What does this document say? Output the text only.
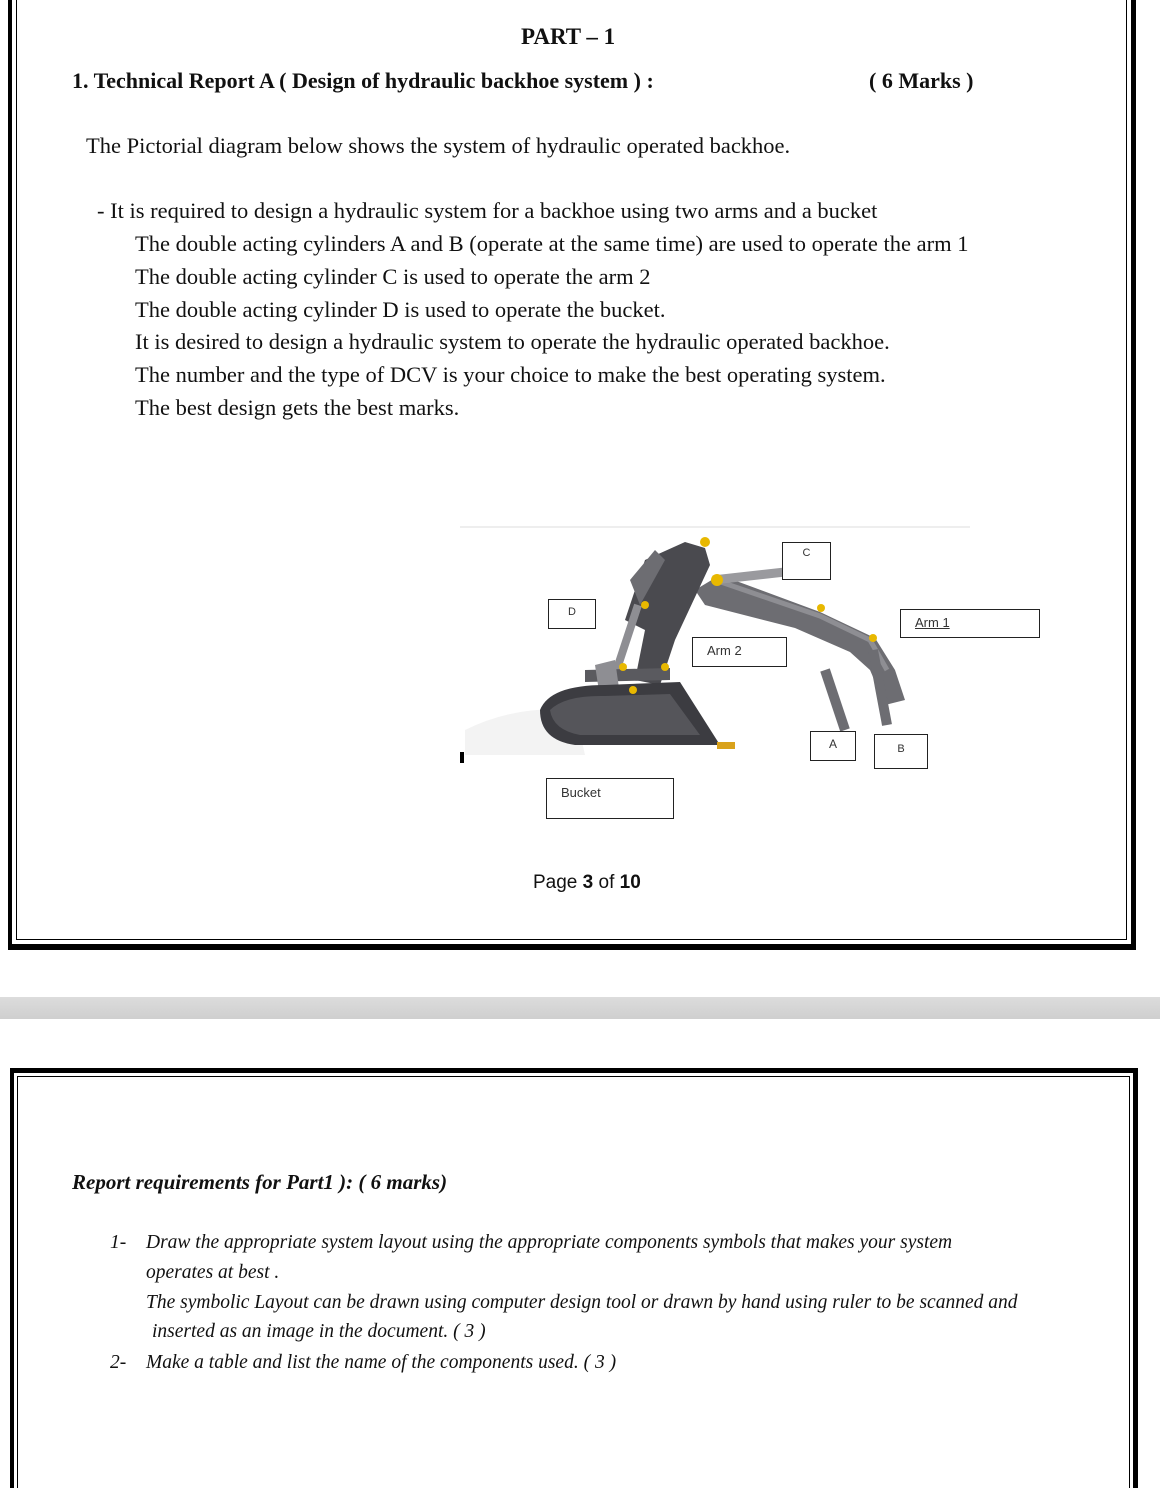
PART – 1
1. Technical Report A ( Design of hydraulic backhoe system ) :	( 6 Marks )
The Pictorial diagram below shows the system of hydraulic operated backhoe.
- It is required to design a hydraulic system for a backhoe using two arms and a bucket
The double acting cylinders A and B (operate at the same time) are used to operate the arm 1
The double acting cylinder C is used to operate the arm 2
The double acting cylinder D is used to operate the bucket.
It is desired to design a hydraulic system to operate the hydraulic operated backhoe.
The number and the type of DCV is your choice to make the best operating system.
The best design gets the best marks.
C
D
Arm 1
Arm 2
A	B
Bucket
Page 3 of 10
Report requirements for Part1 ): ( 6 marks)
1- Draw the appropriate system layout using the appropriate components symbols that makes your system
operates at best .
The symbolic Layout can be drawn using computer design tool or drawn by hand using ruler to be scanned and
inserted as an image in the document. ( 3 )
2- Make a table and list the name of the components used. ( 3 )
